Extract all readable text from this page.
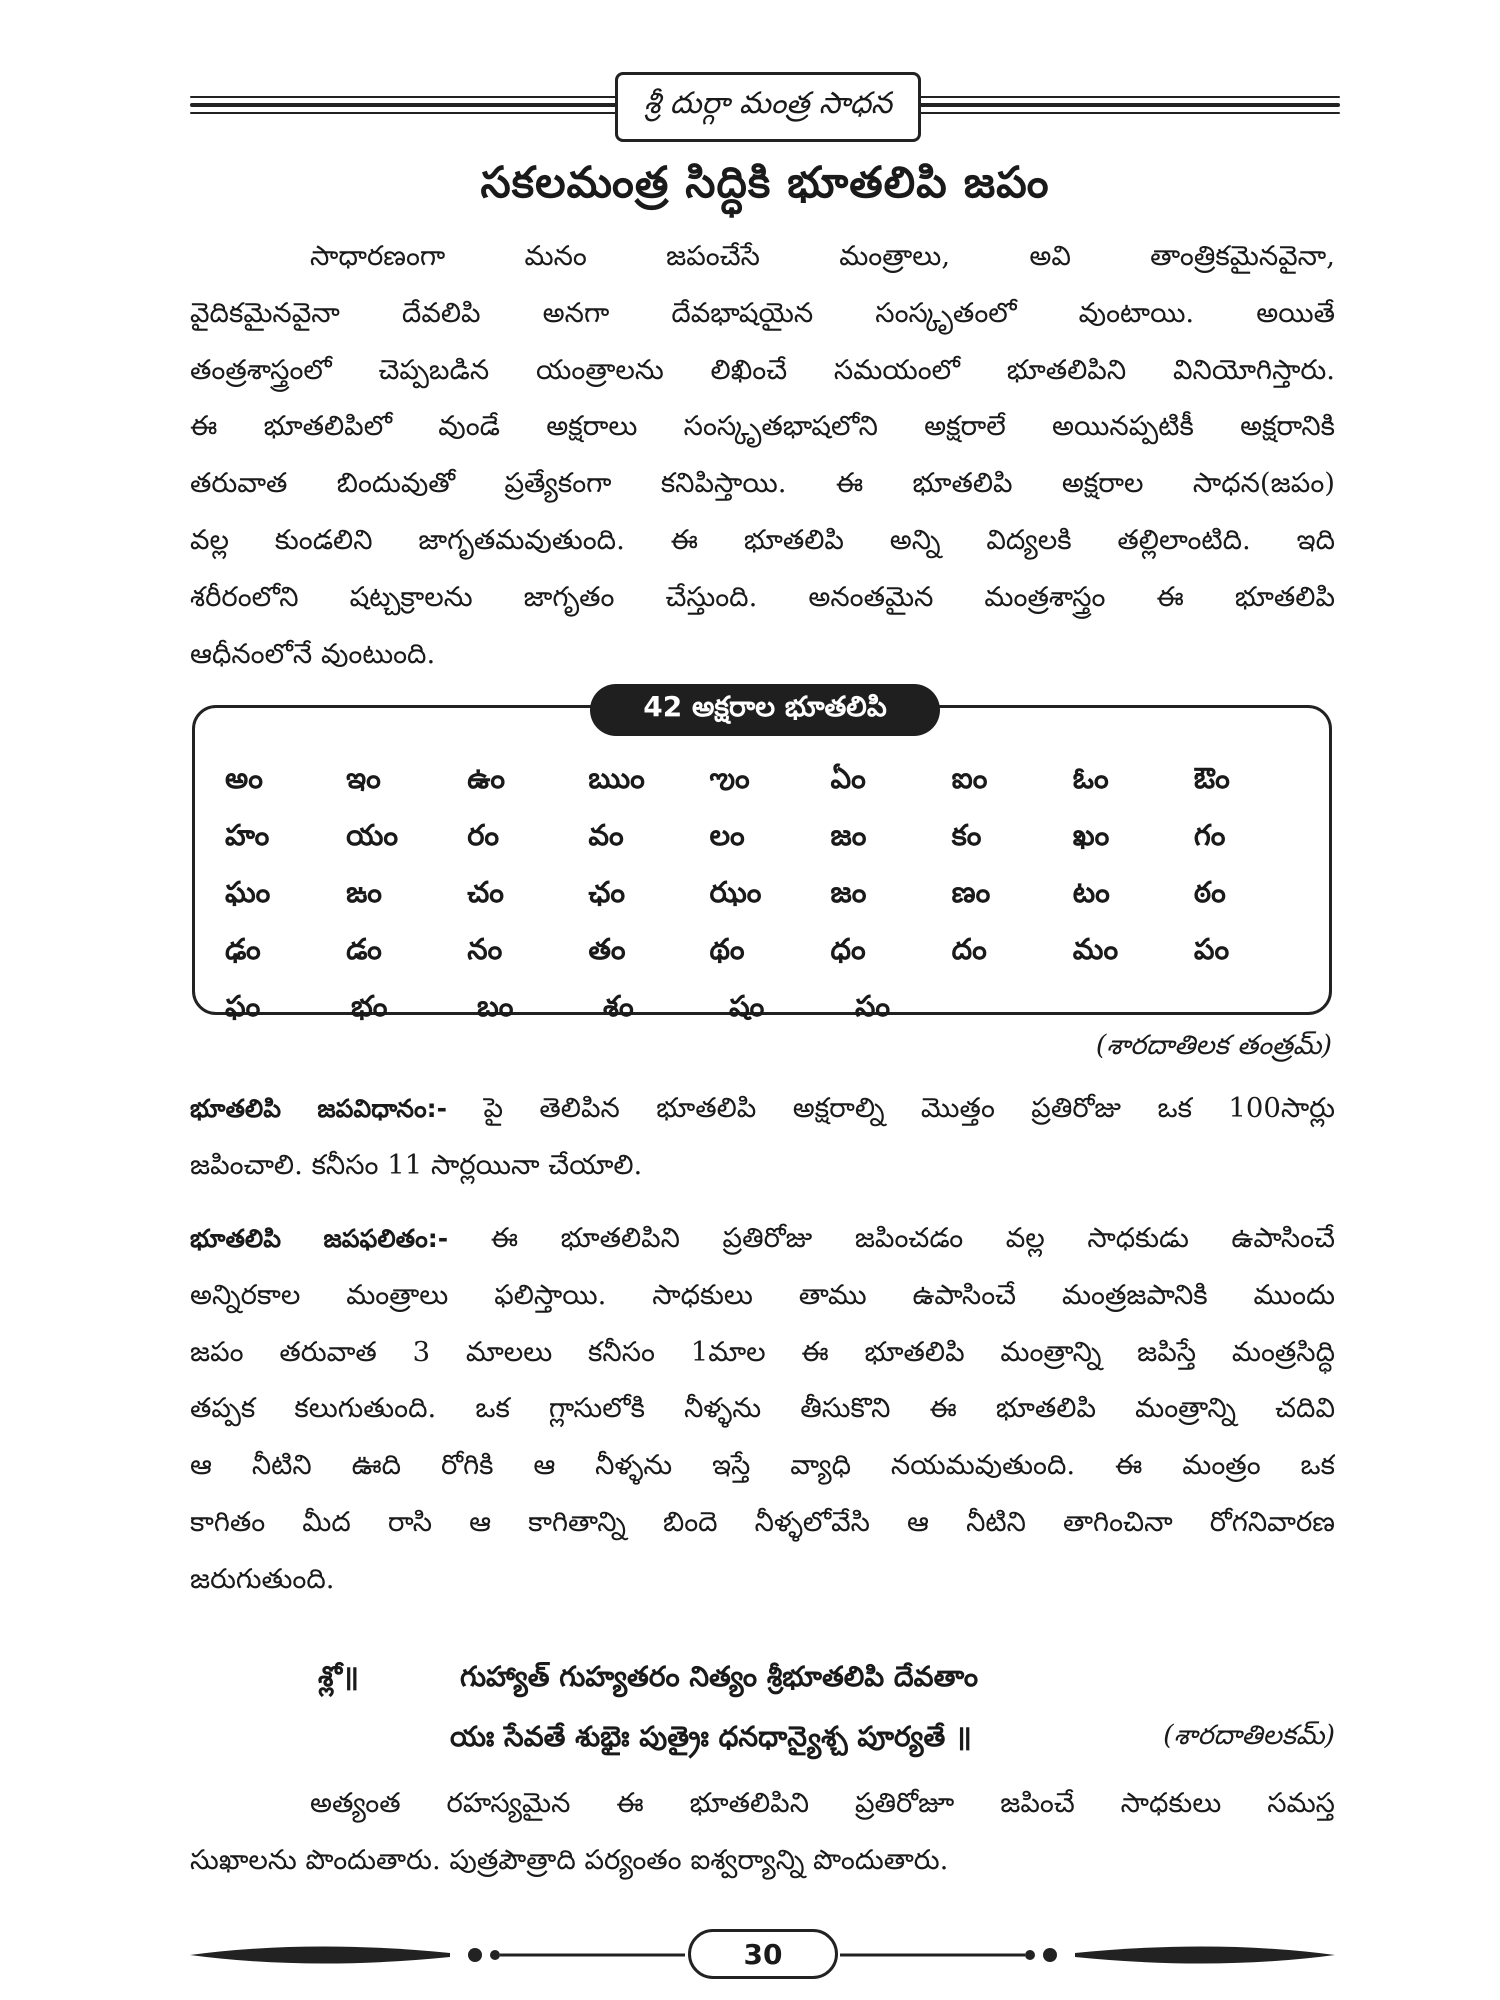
శ్రీ దుర్గా మంత్ర సాధన
సకలమంత్ర సిద్ధికి భూతలిపి జపం

సాధారణంగా మనం జపంచేసే మంత్రాలు, అవి తాంత్రికమైనవైనా,

వైదికమైనవైనా దేవలిపి అనగా దేవభాషయైన సంస్కృతంలో వుంటాయి. అయితే

తంత్రశాస్త్రంలో చెప్పబడిన యంత్రాలను లిఖించే సమయంలో భూతలిపిని వినియోగిస్తారు.

ఈ భూతలిపిలో వుండే అక్షరాలు సంస్కృతభాషలోని అక్షరాలే అయినప్పటికీ అక్షరానికి

తరువాత బిందువుతో ప్రత్యేకంగా కనిపిస్తాయి. ఈ భూతలిపి అక్షరాల సాధన(జపం)

వల్ల కుండలిని జాగృతమవుతుంది. ఈ భూతలిపి అన్ని విద్యలకి తల్లిలాంటిది. ఇది

శరీరంలోని షట్చక్రాలను జాగృతం చేస్తుంది. అనంతమైన మంత్రశాస్త్రం ఈ భూతలిపి

ఆధీనంలోనే వుంటుంది.

42 అక్షరాల భూతలిపి
అం	ఇం	ఉం	ఋం	ఌం	ఏం	ఐం	ఓం	ఔం
హం	యం	రం	వం	లం	జం	కం	ఖం	గం
ఘం	ఙం	చం	ఛం	ఝం	జం	ణం	టం	ఠం
ఢం	డం	నం	తం	థం	ధం	దం	మం	పం
ఫం	భం	బం	శం	షం	సం
(శారదాతిలక తంత్రమ్)

భూతలిపి జపవిధానం:- పై తెలిపిన భూతలిపి అక్షరాల్ని మొత్తం ప్రతిరోజు ఒక 100సార్లు

జపించాలి. కనీసం 11 సార్లయినా చేయాలి.

భూతలిపి జపఫలితం:- ఈ భూతలిపిని ప్రతిరోజు జపించడం వల్ల సాధకుడు ఉపాసించే

అన్నిరకాల మంత్రాలు ఫలిస్తాయి. సాధకులు తాము ఉపాసించే మంత్రజపానికి ముందు

జపం తరువాత 3 మాలలు కనీసం 1మాల ఈ భూతలిపి మంత్రాన్ని జపిస్తే మంత్రసిద్ధి

తప్పక కలుగుతుంది. ఒక గ్లాసులోకి నీళ్ళను తీసుకొని ఈ భూతలిపి మంత్రాన్ని చదివి

ఆ నీటిని ఊది రోగికి ఆ నీళ్ళను ఇస్తే వ్యాధి నయమవుతుంది. ఈ మంత్రం ఒక

కాగితం మీద రాసి ఆ కాగితాన్ని బిందె నీళ్ళలోవేసి ఆ నీటిని తాగించినా రోగనివారణ

జరుగుతుంది.

శ్లో॥	గుహ్యాత్ గుహ్యతరం నిత్యం శ్రీభూతలిపి దేవతాం
యః సేవతే శుభైః పుత్రైః ధనధాన్యైశ్చ పూర్యతే ॥	(శారదాతిలకమ్)

అత్యంత రహస్యమైన ఈ భూతలిపిని ప్రతిరోజూ జపించే సాధకులు సమస్త

సుఖాలను పొందుతారు. పుత్రపౌత్రాది పర్యంతం ఐశ్వర్యాన్ని పొందుతారు.

30
